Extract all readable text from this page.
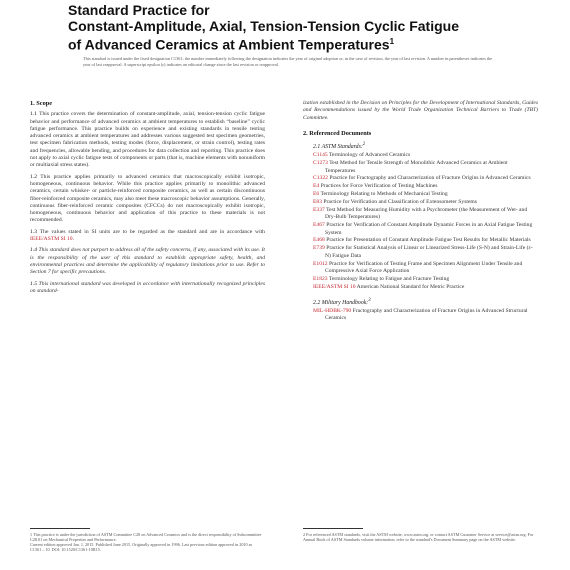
Standard Practice for
Constant-Amplitude, Axial, Tension-Tension Cyclic Fatigue
of Advanced Ceramics at Ambient Temperatures$^1$
This standard is issued under the fixed designation C1361; the number immediately following the designation indicates the year of original adoption or, in the case of revision, the year of last revision. A number in parentheses indicates the year of last reapproval. A superscript epsilon (ε) indicates an editorial change since the last revision or reapproval.
1. Scope

1.1 This practice covers the determination of constant-amplitude, axial, tension-tension cyclic fatigue behavior and performance of advanced ceramics at ambient temperatures to establish “baseline” cyclic fatigue performance. This practice builds on experience and existing standards in tensile testing advanced ceramics at ambient temperatures and addresses various suggested test specimen geometries, test specimen fabrication methods, testing modes (force, displacement, or strain control), testing rates and frequencies, allowable bending, and procedures for data collection and reporting. This practice does not apply to axial cyclic fatigue tests of components or parts (that is, machine elements with nonuniform or multiaxial stress states).

1.2 This practice applies primarily to advanced ceramics that macroscopically exhibit isotropic, homogeneous, continuous behavior. While this practice applies primarily to monolithic advanced ceramics, certain whisker- or particle-reinforced composite ceramics, as well as certain discontinuous fiber-reinforced composite ceramics, may also meet these macroscopic behavior assumptions. Generally, continuous fiber-reinforced ceramic composites (CFCCs) do not macroscopically exhibit isotropic, homogeneous, continuous behavior and application of this practice to these materials is not recommended.

1.3 The values stated in SI units are to be regarded as the standard and are in accordance with IEEE/ASTM SI 10.

1.4 This standard does not purport to address all of the safety concerns, if any, associated with its use. It is the responsibility of the user of this standard to establish appropriate safety, health, and environmental practices and determine the applicability of regulatory limitations prior to use. Refer to Section 7 for specific precautions.

1.5 This international standard was developed in accordance with internationally recognized principles on standard-

ization established in the Decision on Principles for the Development of International Standards, Guides and Recommendations issued by the World Trade Organization Technical Barriers to Trade (TBT) Committee.

2. Referenced Documents
2.1 ASTM Standards:$^2$
C1145 Terminology of Advanced Ceramics
C1273 Test Method for Tensile Strength of Monolithic Advanced Ceramics at Ambient Temperatures
C1322 Practice for Fractography and Characterization of Fracture Origins in Advanced Ceramics
E4 Practices for Force Verification of Testing Machines
E6 Terminology Relating to Methods of Mechanical Testing
E83 Practice for Verification and Classification of Extensometer Systems
E337 Test Method for Measuring Humidity with a Psychrometer (the Measurement of Wet- and Dry-Bulb Temperatures)
E467 Practice for Verification of Constant Amplitude Dynamic Forces in an Axial Fatigue Testing System
E468 Practice for Presentation of Constant Amplitude Fatigue Test Results for Metallic Materials
E739 Practice for Statistical Analysis of Linear or Linearized Stress-Life (S-N) and Strain-Life (ε-N) Fatigue Data
E1012 Practice for Verification of Testing Frame and Specimen Alignment Under Tensile and Compressive Axial Force Application
E1823 Terminology Relating to Fatigue and Fracture Testing
IEEE/ASTM SI 10 American National Standard for Metric Practice
2.2 Military Handbook:$^3$
MIL-HDBK-790 Fractography and Characterization of Fracture Origins in Advanced Structural Ceramics

1 This practice is under the jurisdiction of ASTM Committee C28 on Advanced Ceramics and is the direct responsibility of Subcommittee C28.01 on Mechanical Properties and Performance.

Current edition approved Jan. 1, 2015. Published June 2015. Originally approved in 1996. Last previous edition approved in 2010 as C1361 – 10. DOI: 10.1520/C1361-10R15.

2 For referenced ASTM standards, visit the ASTM website, www.astm.org, or contact ASTM Customer Service at service@astm.org. For Annual Book of ASTM Standards volume information, refer to the standard's Document Summary page on the ASTM website.
